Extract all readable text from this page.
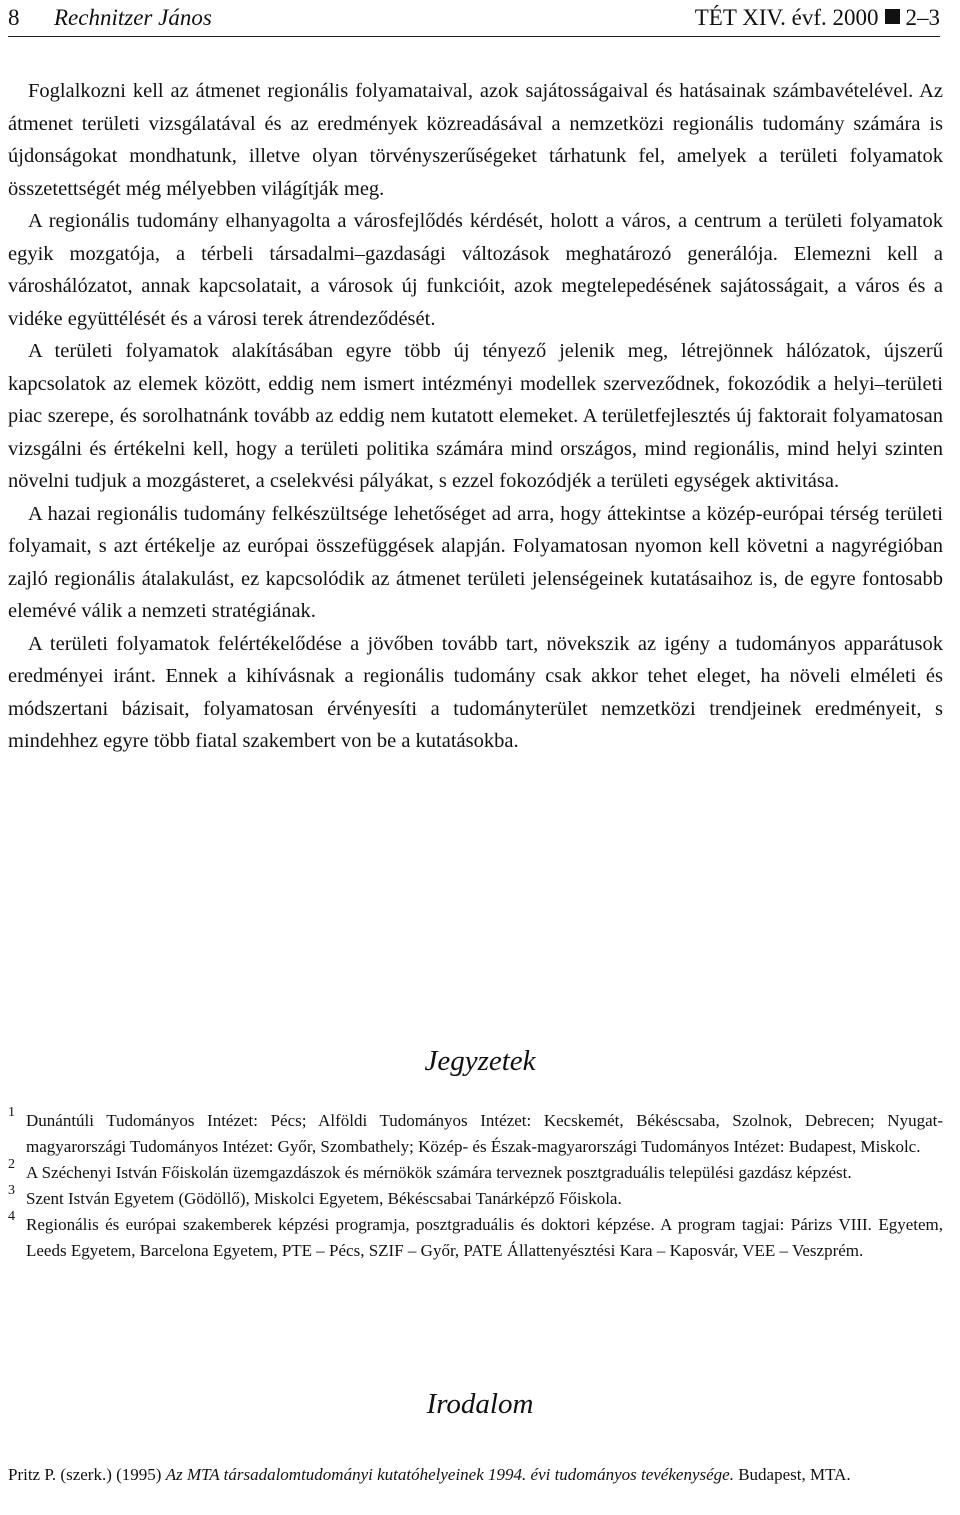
8 Rechnitzer János	TÉT XIV. évf. 2000 2–3

Foglalkozni kell az átmenet regionális folyamataival, azok sajátosságaival és hatásainak számbavételével. Az átmenet területi vizsgálatával és az eredmények közreadásával a nemzetközi regionális tudomány számára is újdonságokat mondhatunk, illetve olyan törvényszerűségeket tárhatunk fel, amelyek a területi folyamatok összetettségét még mélyebben világítják meg.

A regionális tudomány elhanyagolta a városfejlődés kérdését, holott a város, a centrum a területi folyamatok egyik mozgatója, a térbeli társadalmi–gazdasági változások meghatározó generálója. Elemezni kell a városhálózatot, annak kapcsolatait, a városok új funkcióit, azok megtelepedésének sajátosságait, a város és a vidéke együttélését és a városi terek átrendeződését.

A területi folyamatok alakításában egyre több új tényező jelenik meg, létrejönnek hálózatok, újszerű kapcsolatok az elemek között, eddig nem ismert intézményi modellek szerveződnek, fokozódik a helyi–területi piac szerepe, és sorolhatnánk tovább az eddig nem kutatott elemeket. A területfejlesztés új faktorait folyamatosan vizsgálni és értékelni kell, hogy a területi politika számára mind országos, mind regionális, mind helyi szinten növelni tudjuk a mozgásteret, a cselekvési pályákat, s ezzel fokozódjék a területi egységek aktivitása.

A hazai regionális tudomány felkészültsége lehetőséget ad arra, hogy áttekintse a közép-európai térség területi folyamait, s azt értékelje az európai összefüggések alapján. Folyamatosan nyomon kell követni a nagyrégióban zajló regionális átalakulást, ez kapcsolódik az átmenet területi jelenségeinek kutatásaihoz is, de egyre fontosabb elemévé válik a nemzeti stratégiának.

A területi folyamatok felértékelődése a jövőben tovább tart, növekszik az igény a tudományos apparátusok eredményei iránt. Ennek a kihívásnak a regionális tudomány csak akkor tehet eleget, ha növeli elméleti és módszertani bázisait, folyamatosan érvényesíti a tudományterület nemzetközi trendjeinek eredményeit, s mindehhez egyre több fiatal szakembert von be a kutatásokba.

Jegyzetek

1 Dunántúli Tudományos Intézet: Pécs; Alföldi Tudományos Intézet: Kecskemét, Békéscsaba, Szolnok, Debrecen; Nyugat-magyarországi Tudományos Intézet: Győr, Szombathely; Közép- és Észak-magyarországi Tudományos Intézet: Budapest, Miskolc.

2 A Széchenyi István Főiskolán üzemgazdászok és mérnökök számára terveznek posztgraduális települési gazdász képzést.

3 Szent István Egyetem (Gödöllő), Miskolci Egyetem, Békéscsabai Tanárképző Főiskola.

4 Regionális és európai szakemberek képzési programja, posztgraduális és doktori képzése. A program tagjai: Párizs VIII. Egyetem, Leeds Egyetem, Barcelona Egyetem, PTE – Pécs, SZIF – Győr, PATE Állattenyésztési Kara – Kaposvár, VEE – Veszprém.

Irodalom
Pritz P. (szerk.) (1995) Az MTA társadalomtudományi kutatóhelyeinek 1994. évi tudományos tevékenysége. Budapest, MTA.
